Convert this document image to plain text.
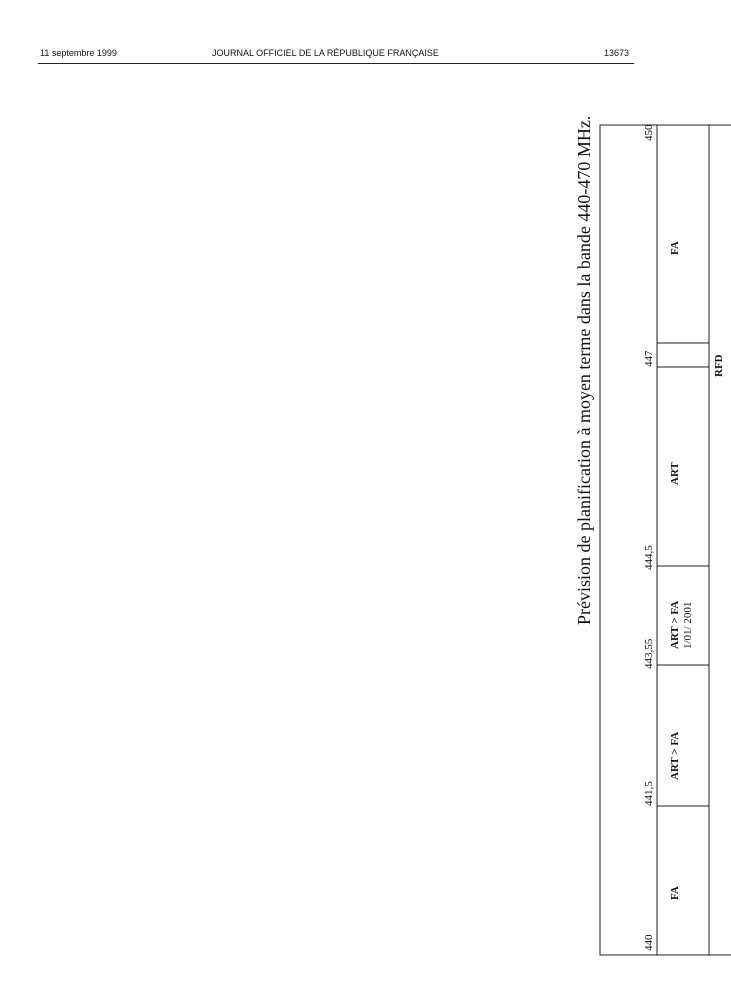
11 septembre 1999	JOURNAL OFFICIEL DE LA RÉPUBLIQUE FRANÇAISE	13673
Prévision de planification à moyen terme dans la bande 440-470 MHz.
440
441,5
443,55
444,5
447
450
FA
ART > FA
ART > FA 1/01/ 2001
ART
FA
RFD
